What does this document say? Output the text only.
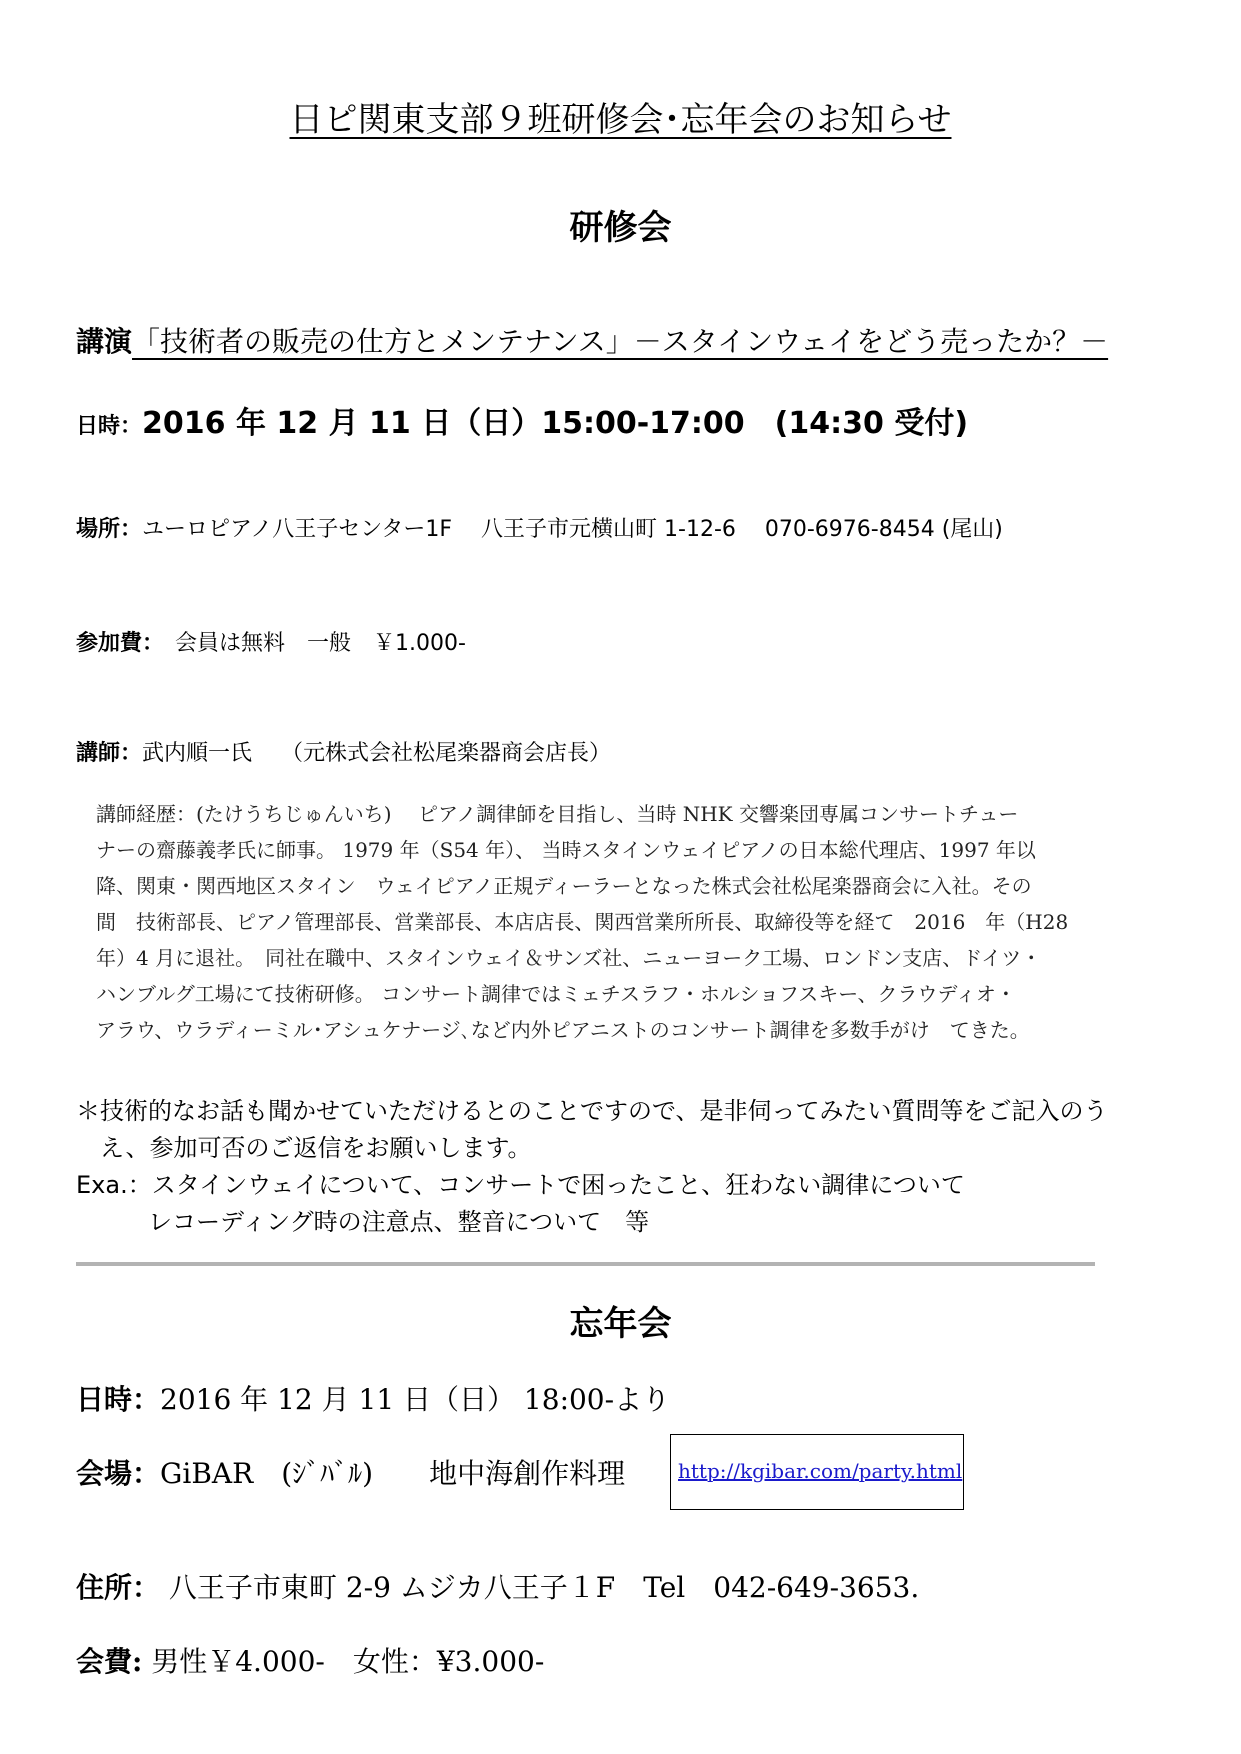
日ピ関東支部９班研修会･忘年会のお知らせ
研修会
講演「技術者の販売の仕方とメンテナンス」－スタインウェイをどう売ったか？－
日時：2016 年 12 月 11 日（日）15:00-17:00　(14:30 受付)
場所：ユーロピアノ八王子センター1F　 八王子市元横山町 1-12-6　 070-6976-8454 (尾山)
参加費：　会員は無料　一般　￥1.000-
講師：武内順一氏　 （元株式会社松尾楽器商会店長）
講師経歴：(たけうちじゅんいち)　 ピアノ調律師を目指し、当時 NHK 交響楽団専属コンサートチュー
ナーの齋藤義孝氏に師事。 1979 年（S54 年）、 当時スタインウェイピアノの日本総代理店、1997 年以
降、関東・関西地区スタイン　ウェイピアノ正規ディーラーとなった株式会社松尾楽器商会に入社。その
間　技術部長、ピアノ管理部長、営業部長、本店店長、関西営業所所長、取締役等を経て　2016　年（H28
年）4 月に退社。　同社在職中、スタインウェイ＆サンズ社、ニューヨーク工場、ロンドン支店、ドイツ・
ハンブルグ工場にて技術研修。 コンサート調律ではミェチスラフ・ホルショフスキー、クラウディオ・
アラウ、ウラディーミル･アシュケナージ､など内外ピアニストのコンサート調律を多数手がけ　てきた。
＊技術的なお話も聞かせていただけるとのことですので、是非伺ってみたい質問等をご記入のう
　え、参加可否のご返信をお願いします。
Exa.：スタインウェイについて、コンサートで困ったこと、狂わない調律について
　　　レコーディング時の注意点、整音について　等
忘年会
日時：2016 年 12 月 11 日（日） 18:00-より
会場：GiBAR　(ｼﾞﾊﾞﾙ)　　地中海創作料理	http://kgibar.com/party.html
住所： 八王子市東町 2-9 ムジカ八王子１F　Tel　042-649-3653.
会費: 男性￥4.000-　女性：¥3.000-
